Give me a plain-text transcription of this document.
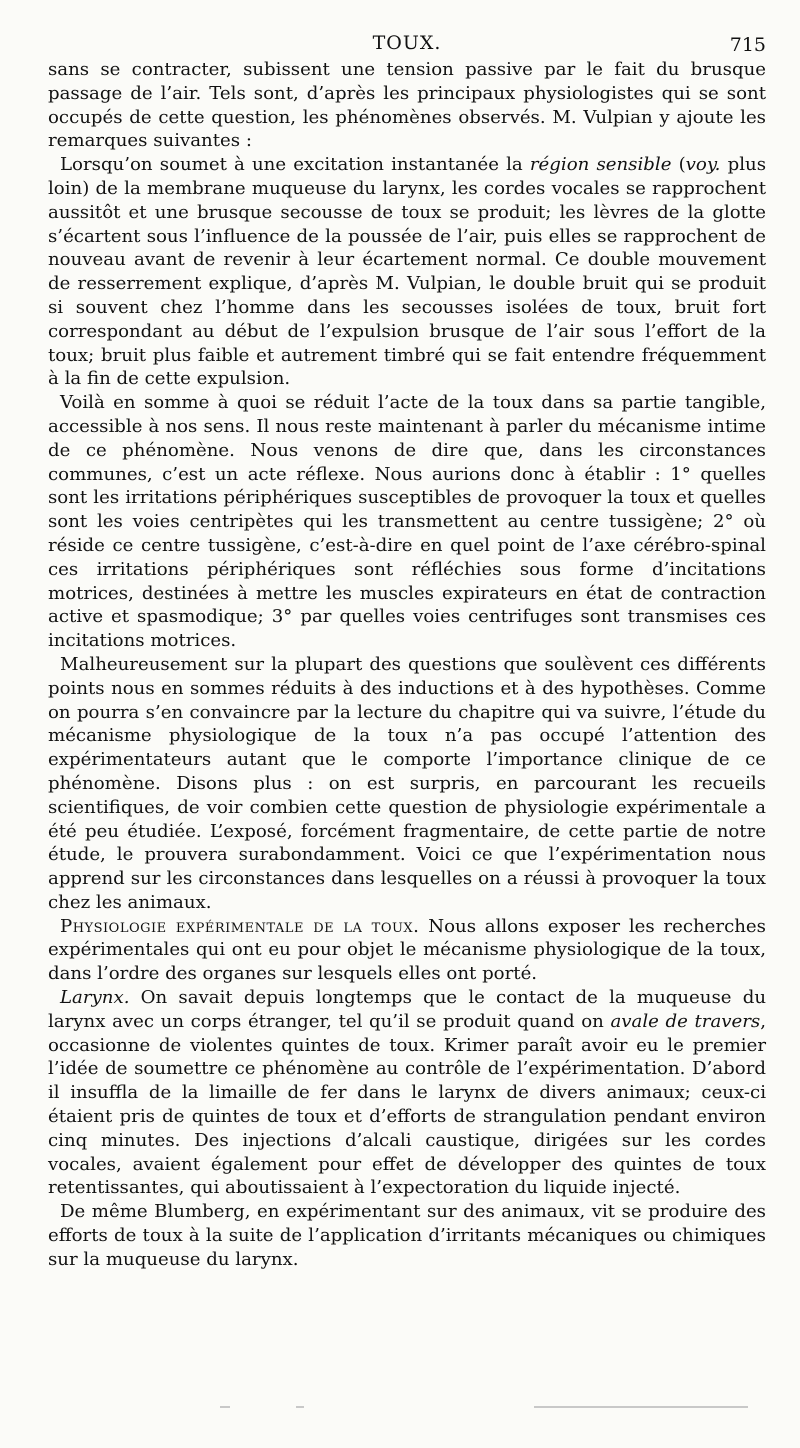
TOUX.	715

sans se contracter, subissent une tension passive par le fait du brusque passage de l’air. Tels sont, d’après les principaux physiologistes qui se sont occupés de cette question, les phénomènes observés. M. Vulpian y ajoute les remarques suivantes :

Lorsqu’on soumet à une excitation instantanée la région sensible (voy. plus loin) de la membrane muqueuse du larynx, les cordes vocales se rapprochent aussitôt et une brusque secousse de toux se produit; les lèvres de la glotte s’écartent sous l’influence de la poussée de l’air, puis elles se rapprochent de nouveau avant de revenir à leur écartement normal. Ce double mouvement de resserrement explique, d’après M. Vulpian, le double bruit qui se produit si souvent chez l’homme dans les secousses isolées de toux, bruit fort correspondant au début de l’expulsion brusque de l’air sous l’effort de la toux; bruit plus faible et autrement timbré qui se fait entendre fréquemment à la fin de cette expulsion.

Voilà en somme à quoi se réduit l’acte de la toux dans sa partie tangible, accessible à nos sens. Il nous reste maintenant à parler du mécanisme intime de ce phénomène. Nous venons de dire que, dans les circonstances communes, c’est un acte réflexe. Nous aurions donc à établir : 1° quelles sont les irritations périphériques susceptibles de provoquer la toux et quelles sont les voies centripètes qui les transmettent au centre tussigène; 2° où réside ce centre tussigène, c’est-à-dire en quel point de l’axe cérébro-spinal ces irritations périphériques sont réfléchies sous forme d’incitations motrices, destinées à mettre les muscles expirateurs en état de contraction active et spasmodique; 3° par quelles voies centrifuges sont transmises ces incitations motrices.

Malheureusement sur la plupart des questions que soulèvent ces différents points nous en sommes réduits à des inductions et à des hypothèses. Comme on pourra s’en convaincre par la lecture du chapitre qui va suivre, l’étude du mécanisme physiologique de la toux n’a pas occupé l’attention des expérimentateurs autant que le comporte l’importance clinique de ce phénomène. Disons plus : on est surpris, en parcourant les recueils scientifiques, de voir combien cette question de physiologie expérimentale a été peu étudiée. L’exposé, forcément fragmentaire, de cette partie de notre étude, le prouvera surabondamment. Voici ce que l’expérimentation nous apprend sur les circonstances dans lesquelles on a réussi à provoquer la toux chez les animaux.

Physiologie expérimentale de la toux. Nous allons exposer les recherches expérimentales qui ont eu pour objet le mécanisme physiologique de la toux, dans l’ordre des organes sur lesquels elles ont porté.

Larynx. On savait depuis longtemps que le contact de la muqueuse du larynx avec un corps étranger, tel qu’il se produit quand on avale de travers, occasionne de violentes quintes de toux. Krimer paraît avoir eu le premier l’idée de soumettre ce phénomène au contrôle de l’expérimentation. D’abord il insuffla de la limaille de fer dans le larynx de divers animaux; ceux-ci étaient pris de quintes de toux et d’efforts de strangulation pendant environ cinq minutes. Des injections d’alcali caustique, dirigées sur les cordes vocales, avaient également pour effet de développer des quintes de toux retentissantes, qui aboutissaient à l’expectoration du liquide injecté.

De même Blumberg, en expérimentant sur des animaux, vit se produire des efforts de toux à la suite de l’application d’irritants mécaniques ou chimiques sur la muqueuse du larynx.
